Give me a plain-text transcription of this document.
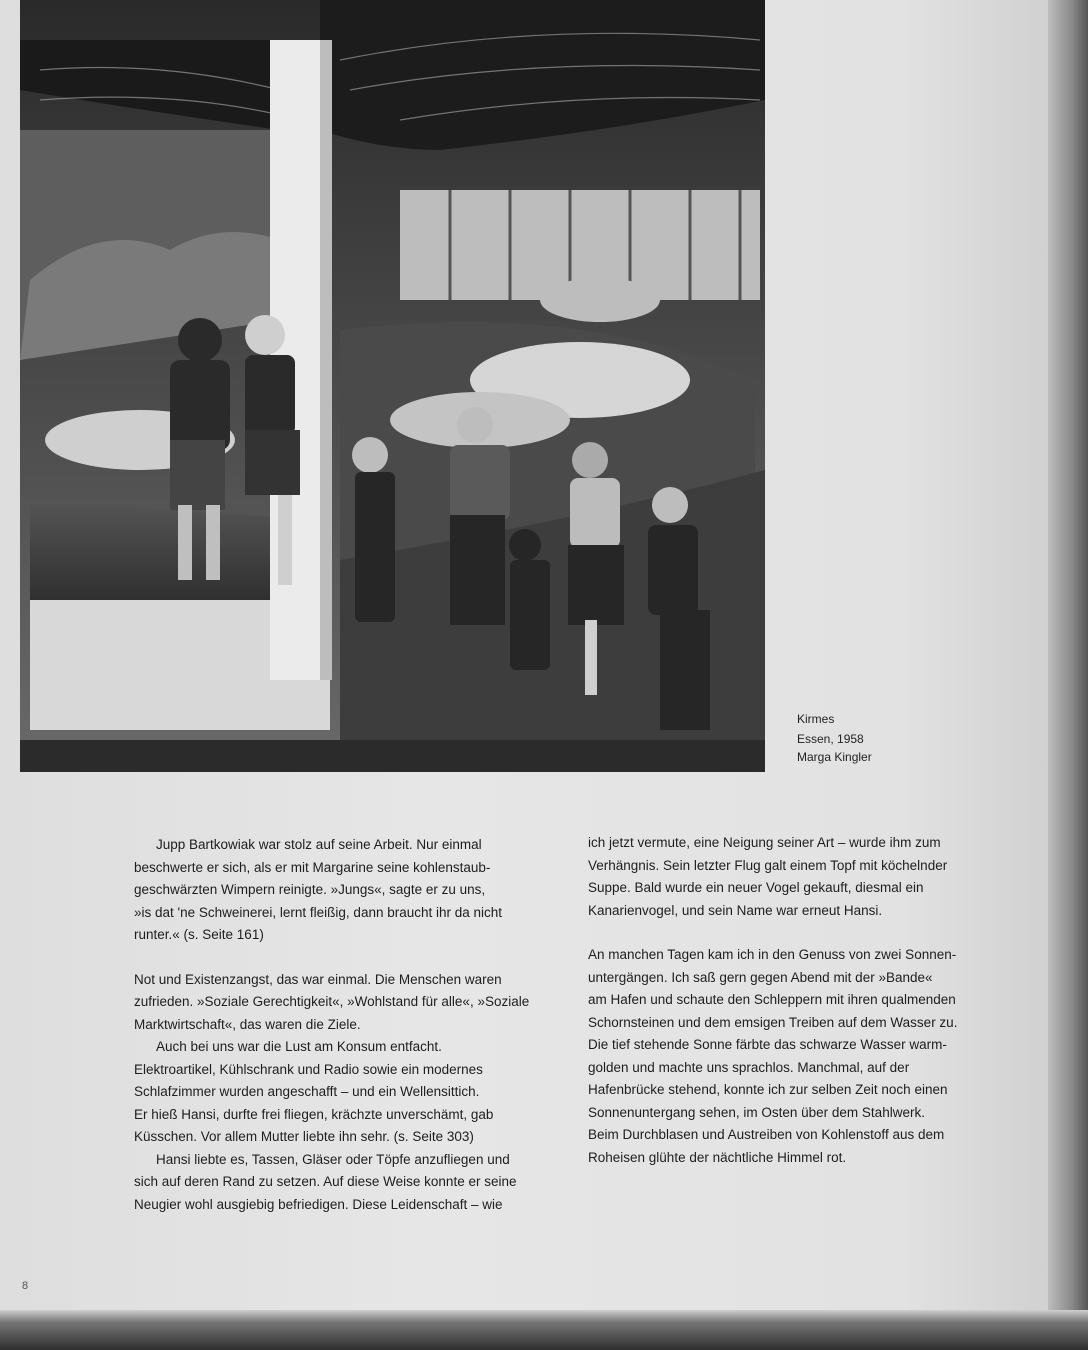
Kirmes
Essen, 1958
Marga Kingler

Jupp Bartkowiak war stolz auf seine Arbeit. Nur einmal
beschwerte er sich, als er mit Margarine seine kohlenstaub-
geschwärzten Wimpern reinigte. »Jungs«, sagte er zu uns,
»is dat 'ne Schweinerei, lernt fleißig, dann braucht ihr da nicht
runter.« (s. Seite 161)

Not und Existenzangst, das war einmal. Die Menschen waren
zufrieden. »Soziale Gerechtigkeit«, »Wohlstand für alle«, »Soziale
Marktwirtschaft«, das waren die Ziele.

Auch bei uns war die Lust am Konsum entfacht.
Elektroartikel, Kühlschrank und Radio sowie ein modernes
Schlafzimmer wurden angeschafft – und ein Wellensittich.
Er hieß Hansi, durfte frei fliegen, krächzte unverschämt, gab
Küsschen. Vor allem Mutter liebte ihn sehr. (s. Seite 303)

Hansi liebte es, Tassen, Gläser oder Töpfe anzufliegen und
sich auf deren Rand zu setzen. Auf diese Weise konnte er seine
Neugier wohl ausgiebig befriedigen. Diese Leidenschaft – wie

ich jetzt vermute, eine Neigung seiner Art – wurde ihm zum
Verhängnis. Sein letzter Flug galt einem Topf mit köchelnder
Suppe. Bald wurde ein neuer Vogel gekauft, diesmal ein
Kanarienvogel, und sein Name war erneut Hansi.

An manchen Tagen kam ich in den Genuss von zwei Sonnen-
untergängen. Ich saß gern gegen Abend mit der »Bande«
am Hafen und schaute den Schleppern mit ihren qualmenden
Schornsteinen und dem emsigen Treiben auf dem Wasser zu.
Die tief stehende Sonne färbte das schwarze Wasser warm-
golden und machte uns sprachlos. Manchmal, auf der
Hafenbrücke stehend, konnte ich zur selben Zeit noch einen
Sonnenuntergang sehen, im Osten über dem Stahlwerk.
Beim Durchblasen und Austreiben von Kohlenstoff aus dem
Roheisen glühte der nächtliche Himmel rot.

8
